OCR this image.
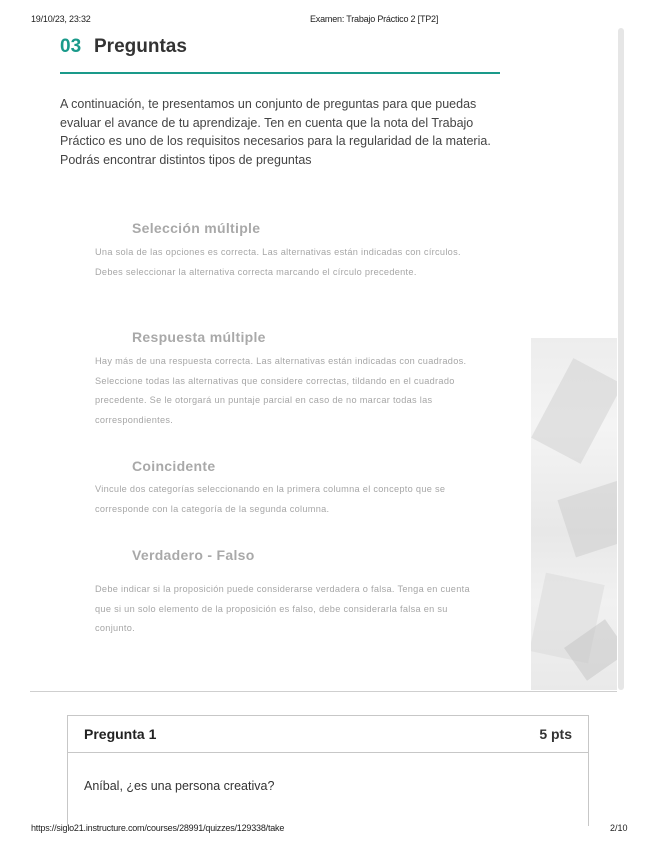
19/10/23, 23:32	Examen: Trabajo Práctico 2 [TP2]
03 Preguntas
A continuación, te presentamos un conjunto de preguntas para que puedas evaluar el avance de tu aprendizaje. Ten en cuenta que la nota del Trabajo Práctico es uno de los requisitos necesarios para la regularidad de la materia. Podrás encontrar distintos tipos de preguntas
Selección múltiple
Una sola de las opciones es correcta. Las alternativas están indicadas con círculos. Debes seleccionar la alternativa correcta marcando el círculo precedente.
Respuesta múltiple
Hay más de una respuesta correcta. Las alternativas están indicadas con cuadrados. Seleccione todas las alternativas que considere correctas, tildando en el cuadrado precedente. Se le otorgará un puntaje parcial en caso de no marcar todas las correspondientes.
Coincidente
Vincule dos categorías seleccionando en la primera columna el concepto que se corresponde con la categoría de la segunda columna.
Verdadero - Falso
Debe indicar si la proposición puede considerarse verdadera o falsa. Tenga en cuenta que si un solo elemento de la proposición es falso, debe considerarla falsa en su conjunto.
Pregunta 1	5 pts
Aníbal, ¿es una persona creativa?
https://siglo21.instructure.com/courses/28991/quizzes/129338/take	2/10
